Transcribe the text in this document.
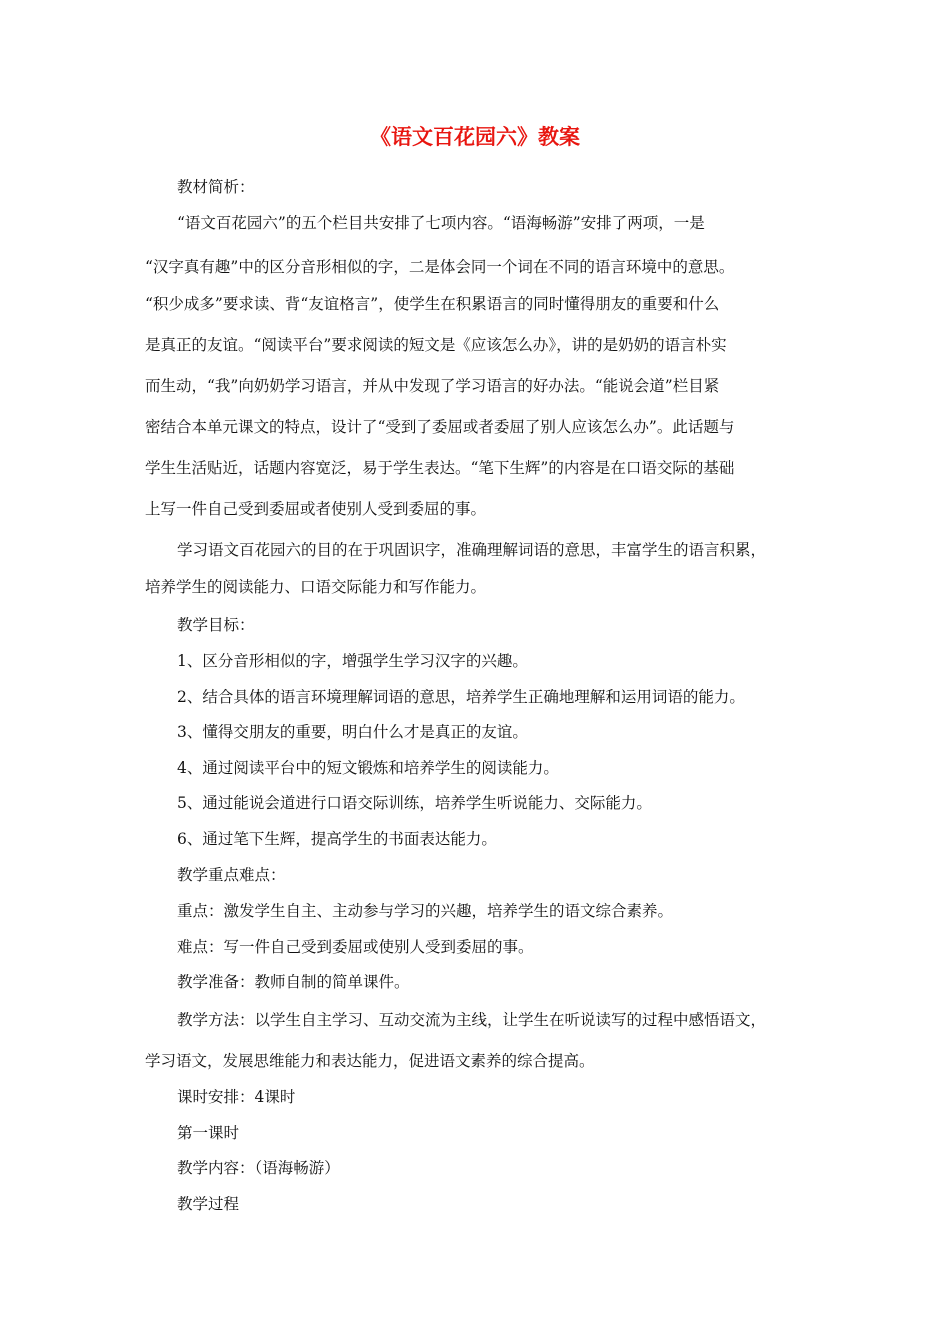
《语文百花园六》教案
教材简析：
“语文百花园六”的五个栏目共安排了七项内容。“语海畅游”安排了两项，一是
“汉字真有趣”中的区分音形相似的字，二是体会同一个词在不同的语言环境中的意思。
“积少成多”要求读、背“友谊格言”，使学生在积累语言的同时懂得朋友的重要和什么
是真正的友谊。“阅读平台”要求阅读的短文是《应该怎么办》，讲的是奶奶的语言朴实
而生动，“我”向奶奶学习语言，并从中发现了学习语言的好办法。“能说会道”栏目紧
密结合本单元课文的特点，设计了“受到了委屈或者委屈了别人应该怎么办”。此话题与
学生生活贴近，话题内容宽泛，易于学生表达。“笔下生辉”的内容是在口语交际的基础
上写一件自己受到委屈或者使别人受到委屈的事。
学习语文百花园六的目的在于巩固识字，准确理解词语的意思，丰富学生的语言积累，
培养学生的阅读能力、口语交际能力和写作能力。
教学目标：
1、区分音形相似的字，增强学生学习汉字的兴趣。
2、结合具体的语言环境理解词语的意思，培养学生正确地理解和运用词语的能力。
3、懂得交朋友的重要，明白什么才是真正的友谊。
4、通过阅读平台中的短文锻炼和培养学生的阅读能力。
5、通过能说会道进行口语交际训练，培养学生听说能力、交际能力。
6、通过笔下生辉，提高学生的书面表达能力。
教学重点难点：
重点：激发学生自主、主动参与学习的兴趣，培养学生的语文综合素养。
难点：写一件自己受到委屈或使别人受到委屈的事。
教学准备：教师自制的简单课件。
教学方法：以学生自主学习、互动交流为主线，让学生在听说读写的过程中感悟语文，
学习语文，发展思维能力和表达能力，促进语文素养的综合提高。
课时安排：4课时
第一课时
教学内容：（语海畅游）
教学过程
